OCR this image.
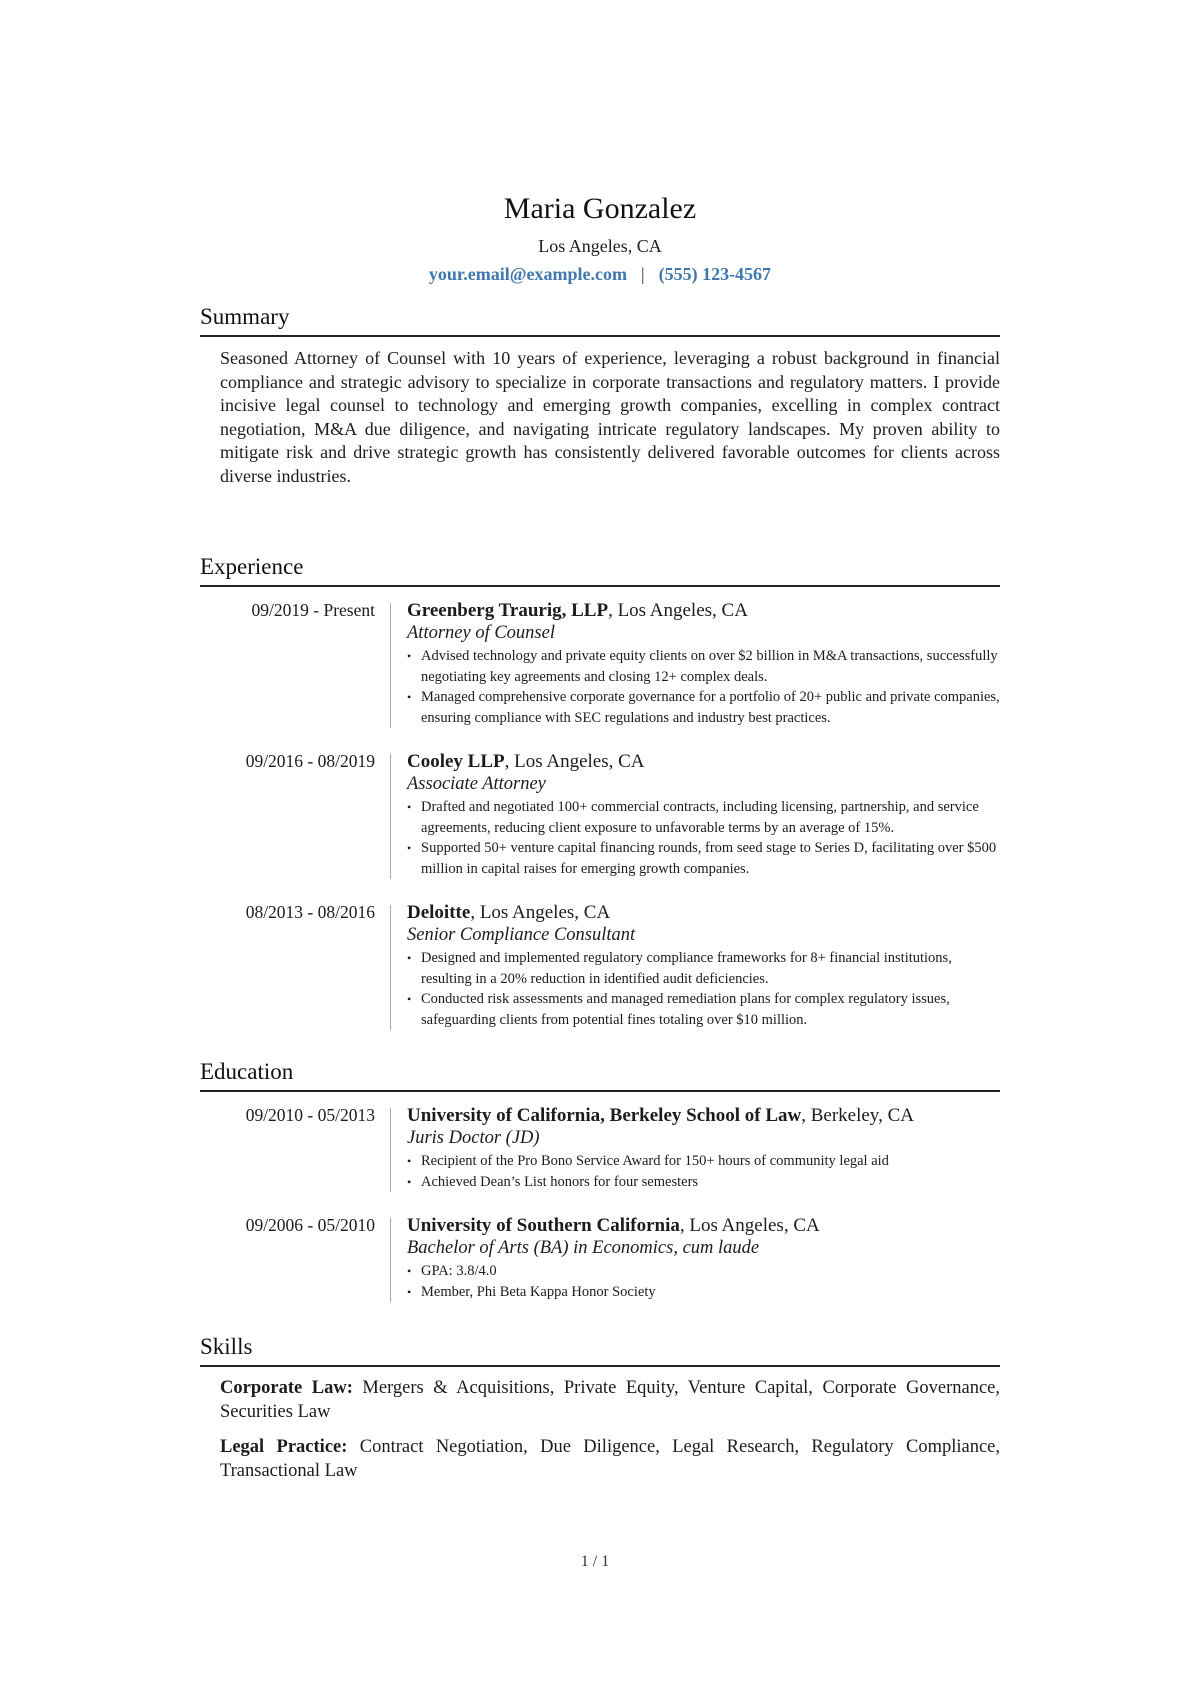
Maria Gonzalez
Los Angeles, CA
your.email@example.com | (555) 123-4567
Summary
Seasoned Attorney of Counsel with 10 years of experience, leveraging a robust background in financial compliance and strategic advisory to specialize in corporate transactions and regulatory matters. I provide incisive legal counsel to technology and emerging growth companies, excelling in complex contract negotiation, M&A due diligence, and navigating intricate regulatory landscapes. My proven ability to mitigate risk and drive strategic growth has consistently delivered favorable outcomes for clients across diverse industries.
Experience
09/2019 - Present Greenberg Traurig, LLP, Los Angeles, CA
Attorney of Counsel
• Advised technology and private equity clients on over $2 billion in M&A transactions, successfully negotiating key agreements and closing 12+ complex deals.
• Managed comprehensive corporate governance for a portfolio of 20+ public and private companies, ensuring compliance with SEC regulations and industry best practices.
09/2016 - 08/2019 Cooley LLP, Los Angeles, CA
Associate Attorney
• Drafted and negotiated 100+ commercial contracts, including licensing, partnership, and service agreements, reducing client exposure to unfavorable terms by an average of 15%.
• Supported 50+ venture capital financing rounds, from seed stage to Series D, facilitating over $500 million in capital raises for emerging growth companies.
08/2013 - 08/2016 Deloitte, Los Angeles, CA
Senior Compliance Consultant
• Designed and implemented regulatory compliance frameworks for 8+ financial institutions, resulting in a 20% reduction in identified audit deficiencies.
• Conducted risk assessments and managed remediation plans for complex regulatory issues, safeguarding clients from potential fines totaling over $10 million.
Education
09/2010 - 05/2013 University of California, Berkeley School of Law, Berkeley, CA
Juris Doctor (JD)
• Recipient of the Pro Bono Service Award for 150+ hours of community legal aid
• Achieved Dean’s List honors for four semesters
09/2006 - 05/2010 University of Southern California, Los Angeles, CA
Bachelor of Arts (BA) in Economics, cum laude
• GPA: 3.8/4.0
• Member, Phi Beta Kappa Honor Society
Skills
Corporate Law: Mergers & Acquisitions, Private Equity, Venture Capital, Corporate Governance, Securities Law
Legal Practice: Contract Negotiation, Due Diligence, Legal Research, Regulatory Compliance, Transactional Law
1 / 1
